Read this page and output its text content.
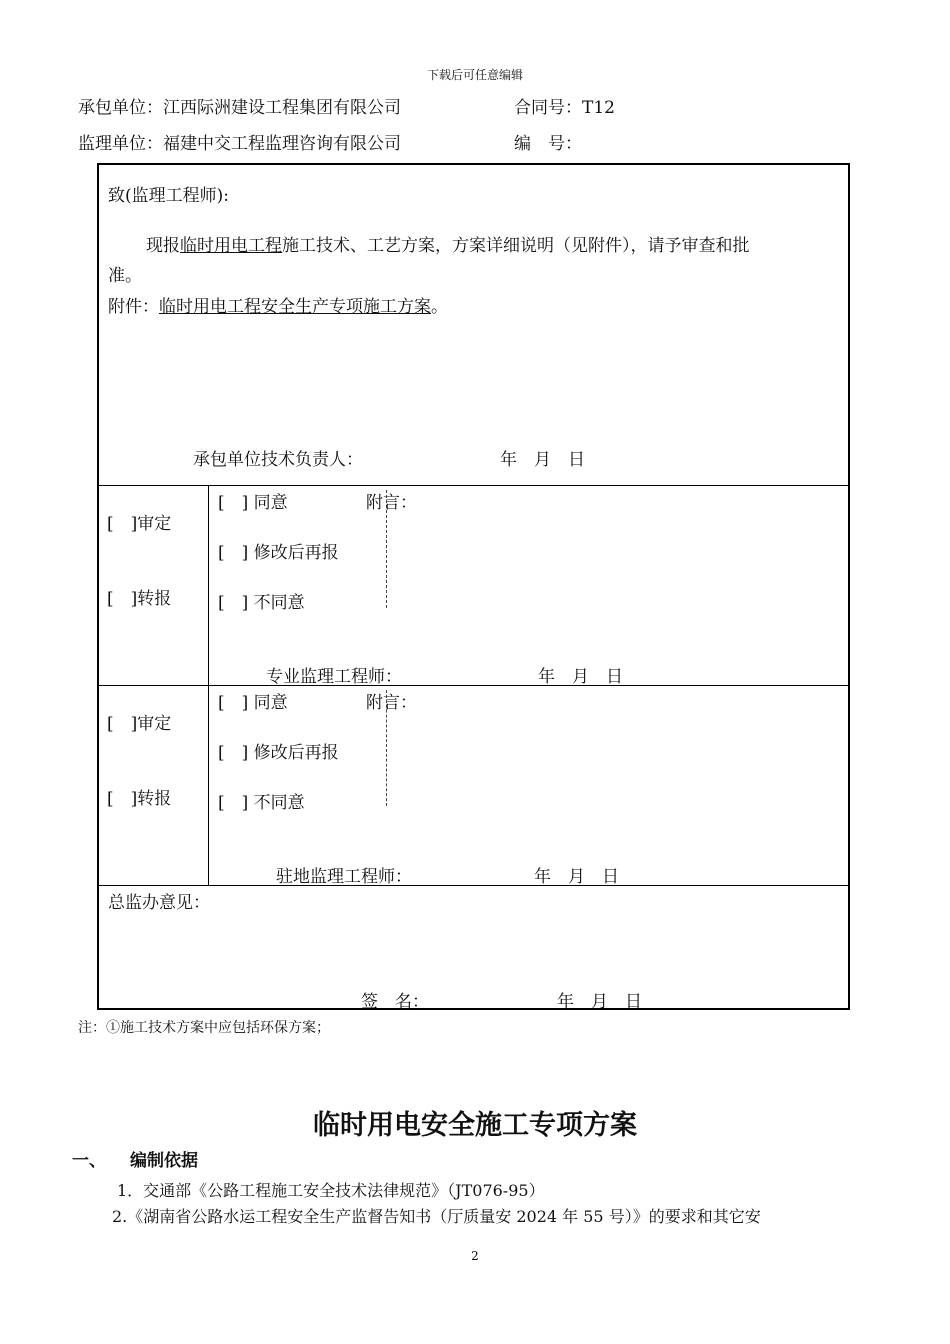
下载后可任意编辑
承包单位：江西际洲建设工程集团有限公司	合同号：T12
监理单位：福建中交工程监理咨询有限公司	编　号：
致(监理工程师):
现报临时用电工程施工技术、工艺方案，方案详细说明（见附件），请予审查和批
准。
附件：临时用电工程安全生产专项施工方案。
承包单位技术负责人：	年　月　日
[　]审定
[　]转报
[　] 同意	附言：
[　] 修改后再报
[　] 不同意
专业监理工程师：	年　月　日
[　]审定
[　]转报
[　] 同意	附言：
[　] 修改后再报
[　] 不同意
驻地监理工程师：	年　月　日
总监办意见：
签　名：	年　月　日
注：①施工技术方案中应包括环保方案；
临时用电安全施工专项方案
一、 编制依据
1．交通部《公路工程施工安全技术法律规范》（JT076-95）
2.《湖南省公路水运工程安全生产监督告知书（厅质量安 2024 年 55 号）》的要求和其它安
2
